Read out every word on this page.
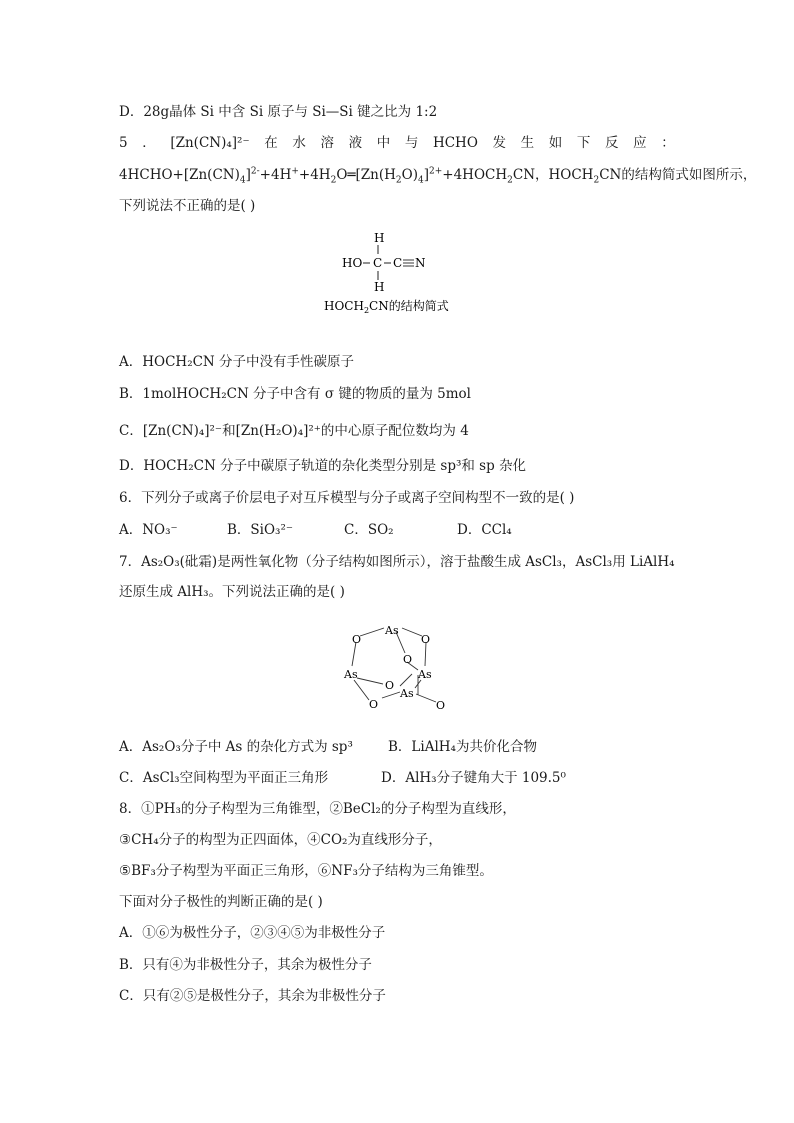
D．28g晶体 Si 中含 Si 原子与 Si—Si 键之比为 1:2
5 ． [Zn(CN)₄]²⁻ 在 水 溶 液 中 与 HCHO 发 生 如 下 反 应 ：
$4HCHO+[Zn(CN)_4]^{2-}+4H^++4H_2O═[Zn(H_2O)_4]^{2+}+4HOCH_2CN$，$HOCH_2CN$的结构简式如图所示，
下列说法不正确的是( )
H
HO C C N
H
$HOCH_2CN$的结构简式
A．HOCH₂CN 分子中没有手性碳原子
B．1molHOCH₂CN 分子中含有 σ 键的物质的量为 5mol
C．[Zn(CN)₄]²⁻和[Zn(H₂O)₄]²⁺的中心原子配位数均为 4
D．HOCH₂CN 分子中碳原子轨道的杂化类型分别是 sp³和 sp 杂化
6．下列分子或离子价层电子对互斥模型与分子或离子空间构型不一致的是( )
A．NO₃⁻	B．SiO₃²⁻	C．SO₂	D．CCl₄
7．As₂O₃(砒霜)是两性氧化物（分子结构如图所示），溶于盐酸生成 AsCl₃，AsCl₃用 LiAlH₄
还原生成 AlH₃。下列说法正确的是( )
As
O	O
O
As	As
O
As
O	O
A．As₂O₃分子中 As 的杂化方式为 sp³	B．LiAlH₄为共价化合物
C．AsCl₃空间构型为平面正三角形	D．AlH₃分子键角大于 109.5⁰
8．①PH₃的分子构型为三角锥型，②BeCl₂的分子构型为直线形，
③CH₄分子的构型为正四面体，④CO₂为直线形分子，
⑤BF₃分子构型为平面正三角形，⑥NF₃分子结构为三角锥型。
下面对分子极性的判断正确的是( )
A．①⑥为极性分子，②③④⑤为非极性分子
B．只有④为非极性分子，其余为极性分子
C．只有②⑤是极性分子，其余为非极性分子
